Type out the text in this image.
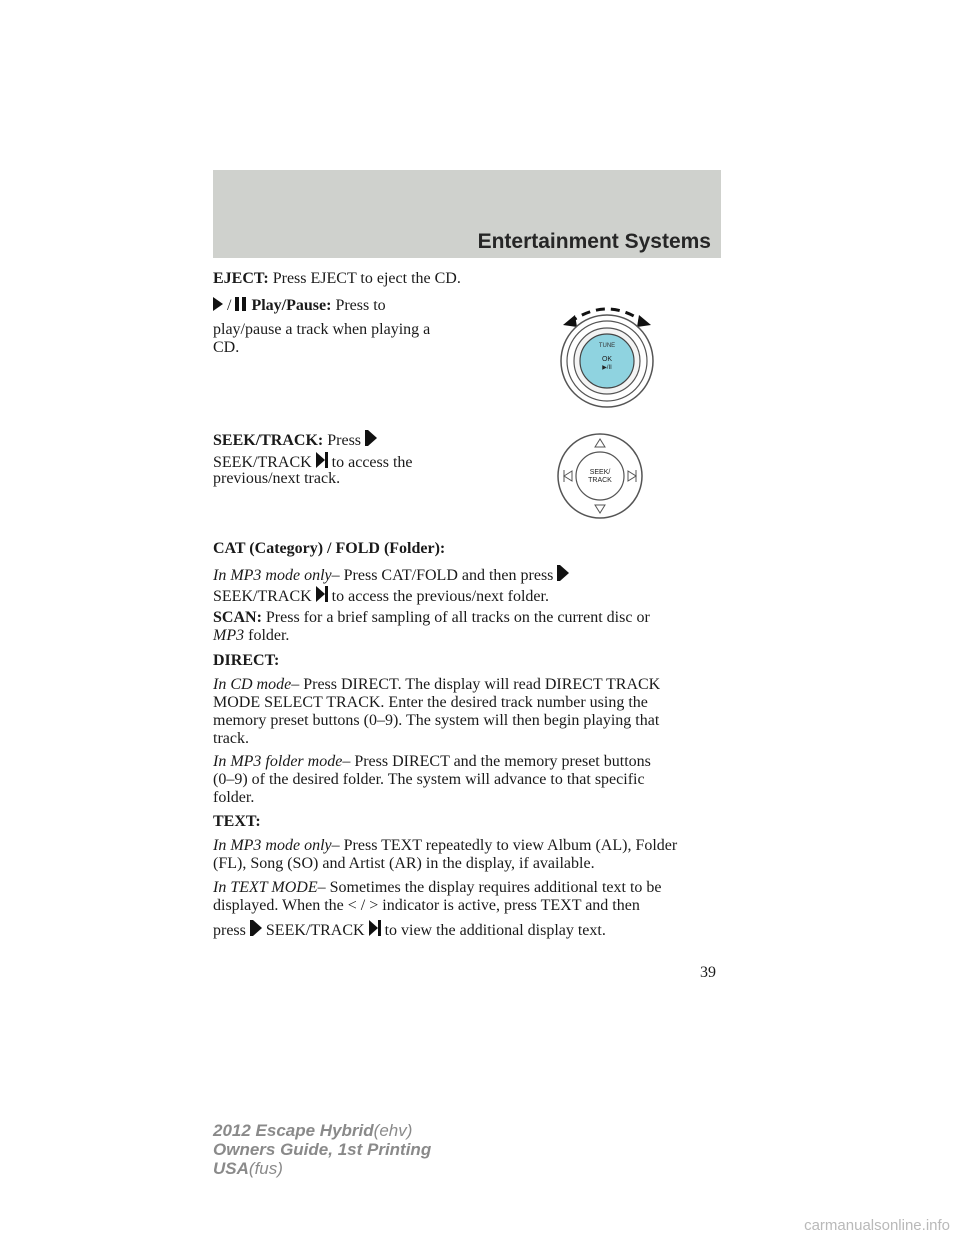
Entertainment Systems
EJECT: Press EJECT to eject the CD.
/ Play/Pause: Press to
play/pause a track when playing a
CD.	TUNE
OK
▶/II
SEEK/TRACK: Press
SEEK/TRACK to access the
previous/next track.	SEEK/
TRACK
CAT (Category) / FOLD (Folder):
In MP3 mode only– Press CAT/FOLD and then press
SEEK/TRACK to access the previous/next folder.
SCAN: Press for a brief sampling of all tracks on the current disc or
MP3 folder.
DIRECT:
In CD mode– Press DIRECT. The display will read DIRECT TRACK
MODE SELECT TRACK. Enter the desired track number using the
memory preset buttons (0–9). The system will then begin playing that
track.
In MP3 folder mode– Press DIRECT and the memory preset buttons
(0–9) of the desired folder. The system will advance to that specific
folder.
TEXT:
In MP3 mode only– Press TEXT repeatedly to view Album (AL), Folder
(FL), Song (SO) and Artist (AR) in the display, if available.
In TEXT MODE– Sometimes the display requires additional text to be
displayed. When the < / > indicator is active, press TEXT and then
press SEEK/TRACK to view the additional display text.
39
2012 Escape Hybrid(ehv)
Owners Guide, 1st Printing
USA(fus)
carmanualsonline.info
